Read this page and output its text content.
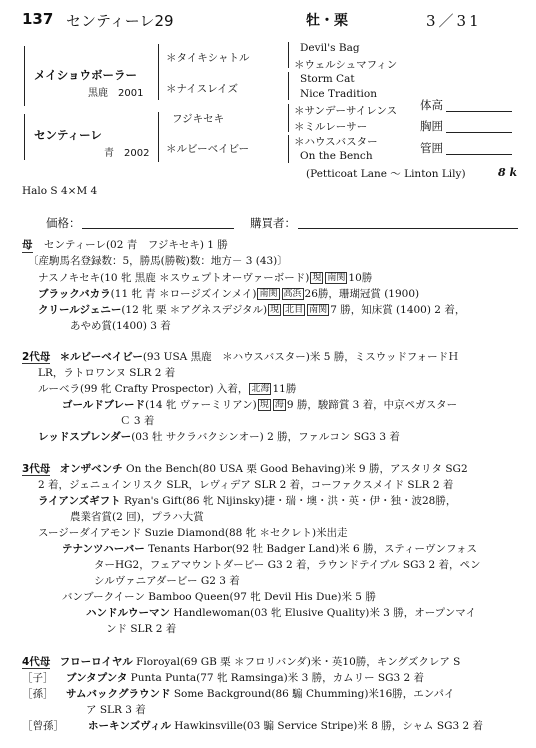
137 センティーレ29	牡・栗	3／31
メイショウボーラー
黒鹿　2001
センティーレ
青　2002
＊タイキシャトル
＊ナイスレイズ
フジキセキ
＊ルビーベイビー
Devil's Bag
＊ウェルシュマフィン
Storm Cat
Nice Tradition
＊サンデーサイレンス
＊ミルレーサー
＊ハウスバスター
On the Bench
(Petticoat Lane ～ Linton Lily)	8 k
体高
胸囲
管囲
Halo S 4×M 4
価格：	購買者：
母 センティーレ(02 青　フジキセキ) 1 勝
〔産駒馬名登録数：5，勝馬(勝鞍)数：地方－ 3 (43)〕
ナスノキセキ(10 牝 黒鹿 ＊スウェプトオーヴァーボード) 現 南関 10勝
ブラックバカラ(11 牝 青 ＊ロージズインメイ) 南関 高浜 26勝，珊瑚冠賞 (1900)
クリールジェニー(12 牝 栗 ＊アグネスデジタル) 現 北目 南関 7 勝，知床賞 (1400) 2 着，
あやめ賞(1400) 3 着
2代母 ＊ルビーベイビー(93 USA 黒鹿　＊ハウスバスター)米 5 勝，ミスウッドフォードＨ
LR，ラトロワンヌ SLR 2 着
ルーベラ(99 牝 Crafty Prospector) 入着， 北海 11勝
ゴールドブレード(14 牝 ヴァーミリアン) 現 海 9 勝，駿蹄賞 3 着，中京ペガスター
Ｃ 3 着
レッドスプレンダー(03 牡 サクラバクシンオー) 2 勝，ファルコン SG3 3 着
3代母 オンザベンチ On the Bench(80 USA 栗 Good Behaving)米 9 勝，アスタリタ SG2
2 着，ジェニュインリスク SLR，レヴィデア SLR 2 着，コーファクスメイド SLR 2 着
ライアンズギフト Ryan's Gift(86 牝 Nijinsky)捷・瑞・墺・洪・英・伊・独・波28勝，
農業省賞(2 回)，プラハ大賞
スージーダイアモンド Suzie Diamond(88 牝 ＊セクレト)米出走
テナンツハーバー Tenants Harbor(92 牡 Badger Land)米 6 勝，スティーヴンフォス
ターHG2，フェアマウントダービー G3 2 着，ラウンドテイブル SG3 2 着，ペン
シルヴァニアダービー G2 3 着
バンブークイーン Bamboo Queen(97 牝 Devil His Due)米 5 勝
ハンドルウーマン Handlewoman(03 牝 Elusive Quality)米 3 勝，オープンマイ
ンド SLR 2 着
4代母 フローロイヤル Floroyal(69 GB 栗 ＊フロリバンダ)米・英10勝，キングズクレア S
［子］ ブンタプンタ Punta Punta(77 牝 Ramsinga)米 3 勝，カムリー SG3 2 着
［孫］ サムバックグラウンド Some Background(86 騸 Chumming)米16勝，エンパイ
ア SLR 3 着
［曾孫］ ホーキンズヴィル Hawkinsville(03 騸 Service Stripe)米 8 勝，シャム SG3 2 着
